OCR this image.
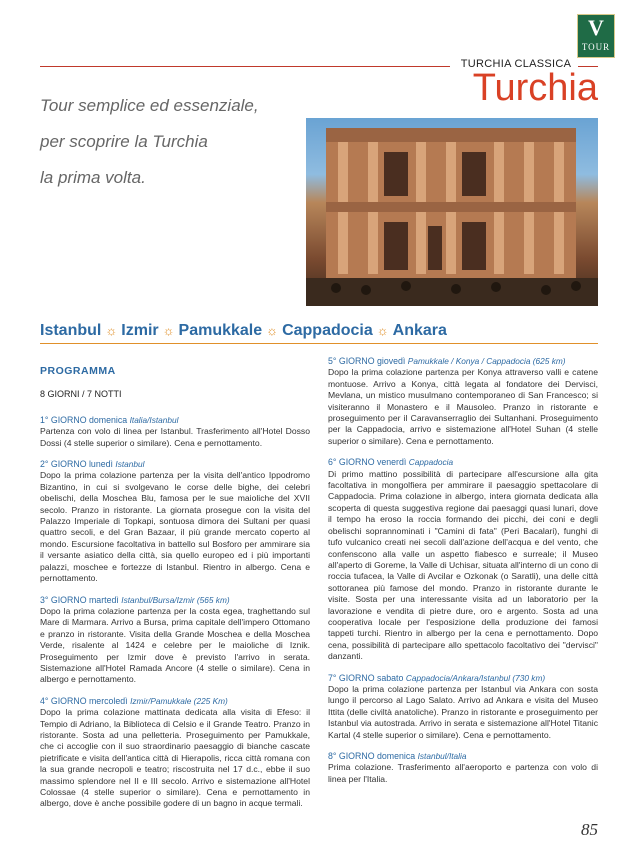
V
TOUR
TURCHIA CLASSICA
Turchia
Tour semplice ed essenziale,
per scoprire la Turchia
la prima volta.
Istanbul ☼ Izmir ☼ Pamukkale ☼ Cappadocia ☼ Ankara
PROGRAMMA
8 GIORNI / 7 NOTTI
1° GIORNO domenica Italia/Istanbul

Partenza con volo di linea per Istanbul. Trasferimento all'Hotel Dosso Dossi (4 stelle superior o similare). Cena e pernottamento.

2° GIORNO lunedì Istanbul

Dopo la prima colazione partenza per la visita dell'antico Ippodromo Bizantino, in cui si svolgevano le corse delle bighe, dei celebri obelischi, della Moschea Blu, famosa per le sue maioliche del XVII secolo. Pranzo in ristorante. La giornata prosegue con la visita del Palazzo Imperiale di Topkapi, sontuosa dimora dei Sultani per quasi quattro secoli, e del Gran Bazaar, il più grande mercato coperto al mondo. Escursione facoltativa in battello sul Bosforo per ammirare sia il versante asiatico della città, sia quello europeo ed i più importanti palazzi, moschee e fortezze di Istanbul. Rientro in albergo. Cena e pernottamento.

3° GIORNO martedì Istanbul/Bursa/Izmir (565 km)

Dopo la prima colazione partenza per la costa egea, traghettando sul Mare di Marmara. Arrivo a Bursa, prima capitale dell'impero Ottomano e pranzo in ristorante. Visita della Grande Moschea e della Moschea Verde, risalente al 1424 e celebre per le maioliche di Iznik. Proseguimento per Izmir dove è previsto l'arrivo in serata. Sistemazione all'Hotel Ramada Ancore (4 stelle o similare). Cena in albergo e pernottamento.

4° GIORNO mercoledì Izmir/Pamukkale (225 Km)

Dopo la prima colazione mattinata dedicata alla visita di Efeso: il Tempio di Adriano, la Biblioteca di Celsio e il Grande Teatro. Pranzo in ristorante. Sosta ad una pelletteria. Proseguimento per Pamukkale, che ci accoglie con il suo straordinario paesaggio di bianche cascate pietrificate e visita dell'antica città di Hierapolis, ricca città romana con la sua grande necropoli e teatro; riscostruita nel 17 d.c., ebbe il suo massimo splendore nel II e III secolo. Arrivo e sistemazione all'Hotel Colossae (4 stelle superior o similare). Cena e pernottamento in albergo, dove è anche possibile godere di un bagno in acque termali.

5° GIORNO giovedì Pamukkale / Konya / Cappadocia (625 km)

Dopo la prima colazione partenza per Konya attraverso valli e catene montuose. Arrivo a Konya, città legata al fondatore dei Dervisci, Mevlana, un mistico musulmano contemporaneo di San Francesco; si visiteranno il Monastero e il Mausoleo. Pranzo in ristorante e proseguimento per il Caravanserraglio dei Sultanhani. Proseguimento per la Cappadocia, arrivo e sistemazione all'Hotel Suhan (4 stelle superior o similare). Cena e pernottamento.

6° GIORNO venerdì Cappadocia

Di primo mattino possibilità di partecipare all'escursione alla gita facoltativa in mongolfiera per ammirare il paesaggio spettacolare di Cappadocia. Prima colazione in albergo, intera giornata dedicata alla scoperta di questa suggestiva regione dai paesaggi quasi lunari, dove il tempo ha eroso la roccia formando dei picchi, dei coni e degli obelischi soprannominati i "Camini di fata" (Peri Bacalari), funghi di tufo vulcanico creati nei secoli dall'azione dell'acqua e del vento, che confenscono alla valle un aspetto fiabesco e surreale; il Museo all'aperto di Goreme, la Valle di Uchisar, situata all'interno di un cono di roccia tufacea, la Valle di Avcilar e Ozkonak (o Saratli), una delle città sottoranea più famose del mondo. Pranzo in ristorante durante le visite. Sosta per una interessante visita ad un laboratorio per la lavorazione e vendita di pietre dure, oro e argento. Sosta ad una cooperativa locale per l'esposizione della produzione dei famosi tappeti turchi. Rientro in albergo per la cena e pernottamento. Dopo cena, possibilità di partecipare allo spettacolo facoltativo dei "dervisci" danzanti.

7° GIORNO sabato Cappadocia/Ankara/Istanbul (730 km)

Dopo la prima colazione partenza per Istanbul via Ankara con sosta lungo il percorso al Lago Salato. Arrivo ad Ankara e visita del Museo Ittita (delle civiltà anatoliche). Pranzo in ristorante e proseguimento per Istanbul via autostrada. Arrivo in serata e sistemazione all'Hotel Titanic Kartal (4 stelle superior o similare). Cena e pernottamento.

8° GIORNO domenica Istanbul/Italia

Prima colazione. Trasferimento all'aeroporto e partenza con volo di linea per l'Italia.

85
